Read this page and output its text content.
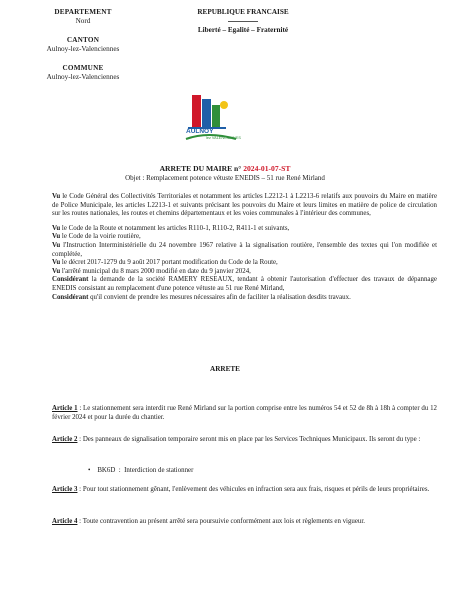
DEPARTEMENT
Nord
CANTON
Aulnoy-lez-Valenciennes
COMMUNE
Aulnoy-lez-Valenciennes
REPUBLIQUE FRANCAISE
Liberté – Egalité – Fraternité
AULNOY
lez VALENCIENNES
ARRETE DU MAIRE n° 2024-01-07-ST
Objet : Remplacement potence vétuste ENEDIS – 51 rue René Mirland

Vu le Code Général des Collectivités Territoriales et notamment les articles L2212-1 à L2213-6 relatifs aux pouvoirs du Maire en matière de Police Municipale, les articles L2213-1 et suivants précisant les pouvoirs du Maire et leurs limites en matière de police de circulation sur les routes nationales, les routes et chemins départementaux et les voies communales à l'intérieur des communes,

Vu le Code de la Route et notamment les articles R110-1, R110-2, R411-1 et suivants,

Vu le Code de la voirie routière,

Vu l'Instruction Interministérielle du 24 novembre 1967 relative à la signalisation routière, l'ensemble des textes qui l'on modifiée et complétée,

Vu le décret 2017-1279 du 9 août 2017 portant modification du Code de la Route,

Vu l'arrêté municipal du 8 mars 2000 modifié en date du 9 janvier 2024,

Considérant la demande de la société RAMERY RESEAUX, tendant à obtenir l'autorisation d'effectuer des travaux de dépannage ENEDIS consistant au remplacement d'une potence vétuste au 51 rue René Mirland,

Considérant qu'il convient de prendre les mesures nécessaires afin de faciliter la réalisation desdits travaux.

ARRETE
Article 1 : Le stationnement sera interdit rue René Mirland sur la portion comprise entre les numéros 54 et 52 de 8h à 18h à compter du 12 février 2024 et pour la durée du chantier.
Article 2 : Des panneaux de signalisation temporaire seront mis en place par les Services Techniques Municipaux. Ils seront du type :
• BK6D  :  Interdiction de stationner
Article 3 : Pour tout stationnement gênant, l'enlèvement des véhicules en infraction sera aux frais, risques et périls de leurs propriétaires.
Article 4 : Toute contravention au présent arrêté sera poursuivie conformément aux lois et règlements en vigueur.
